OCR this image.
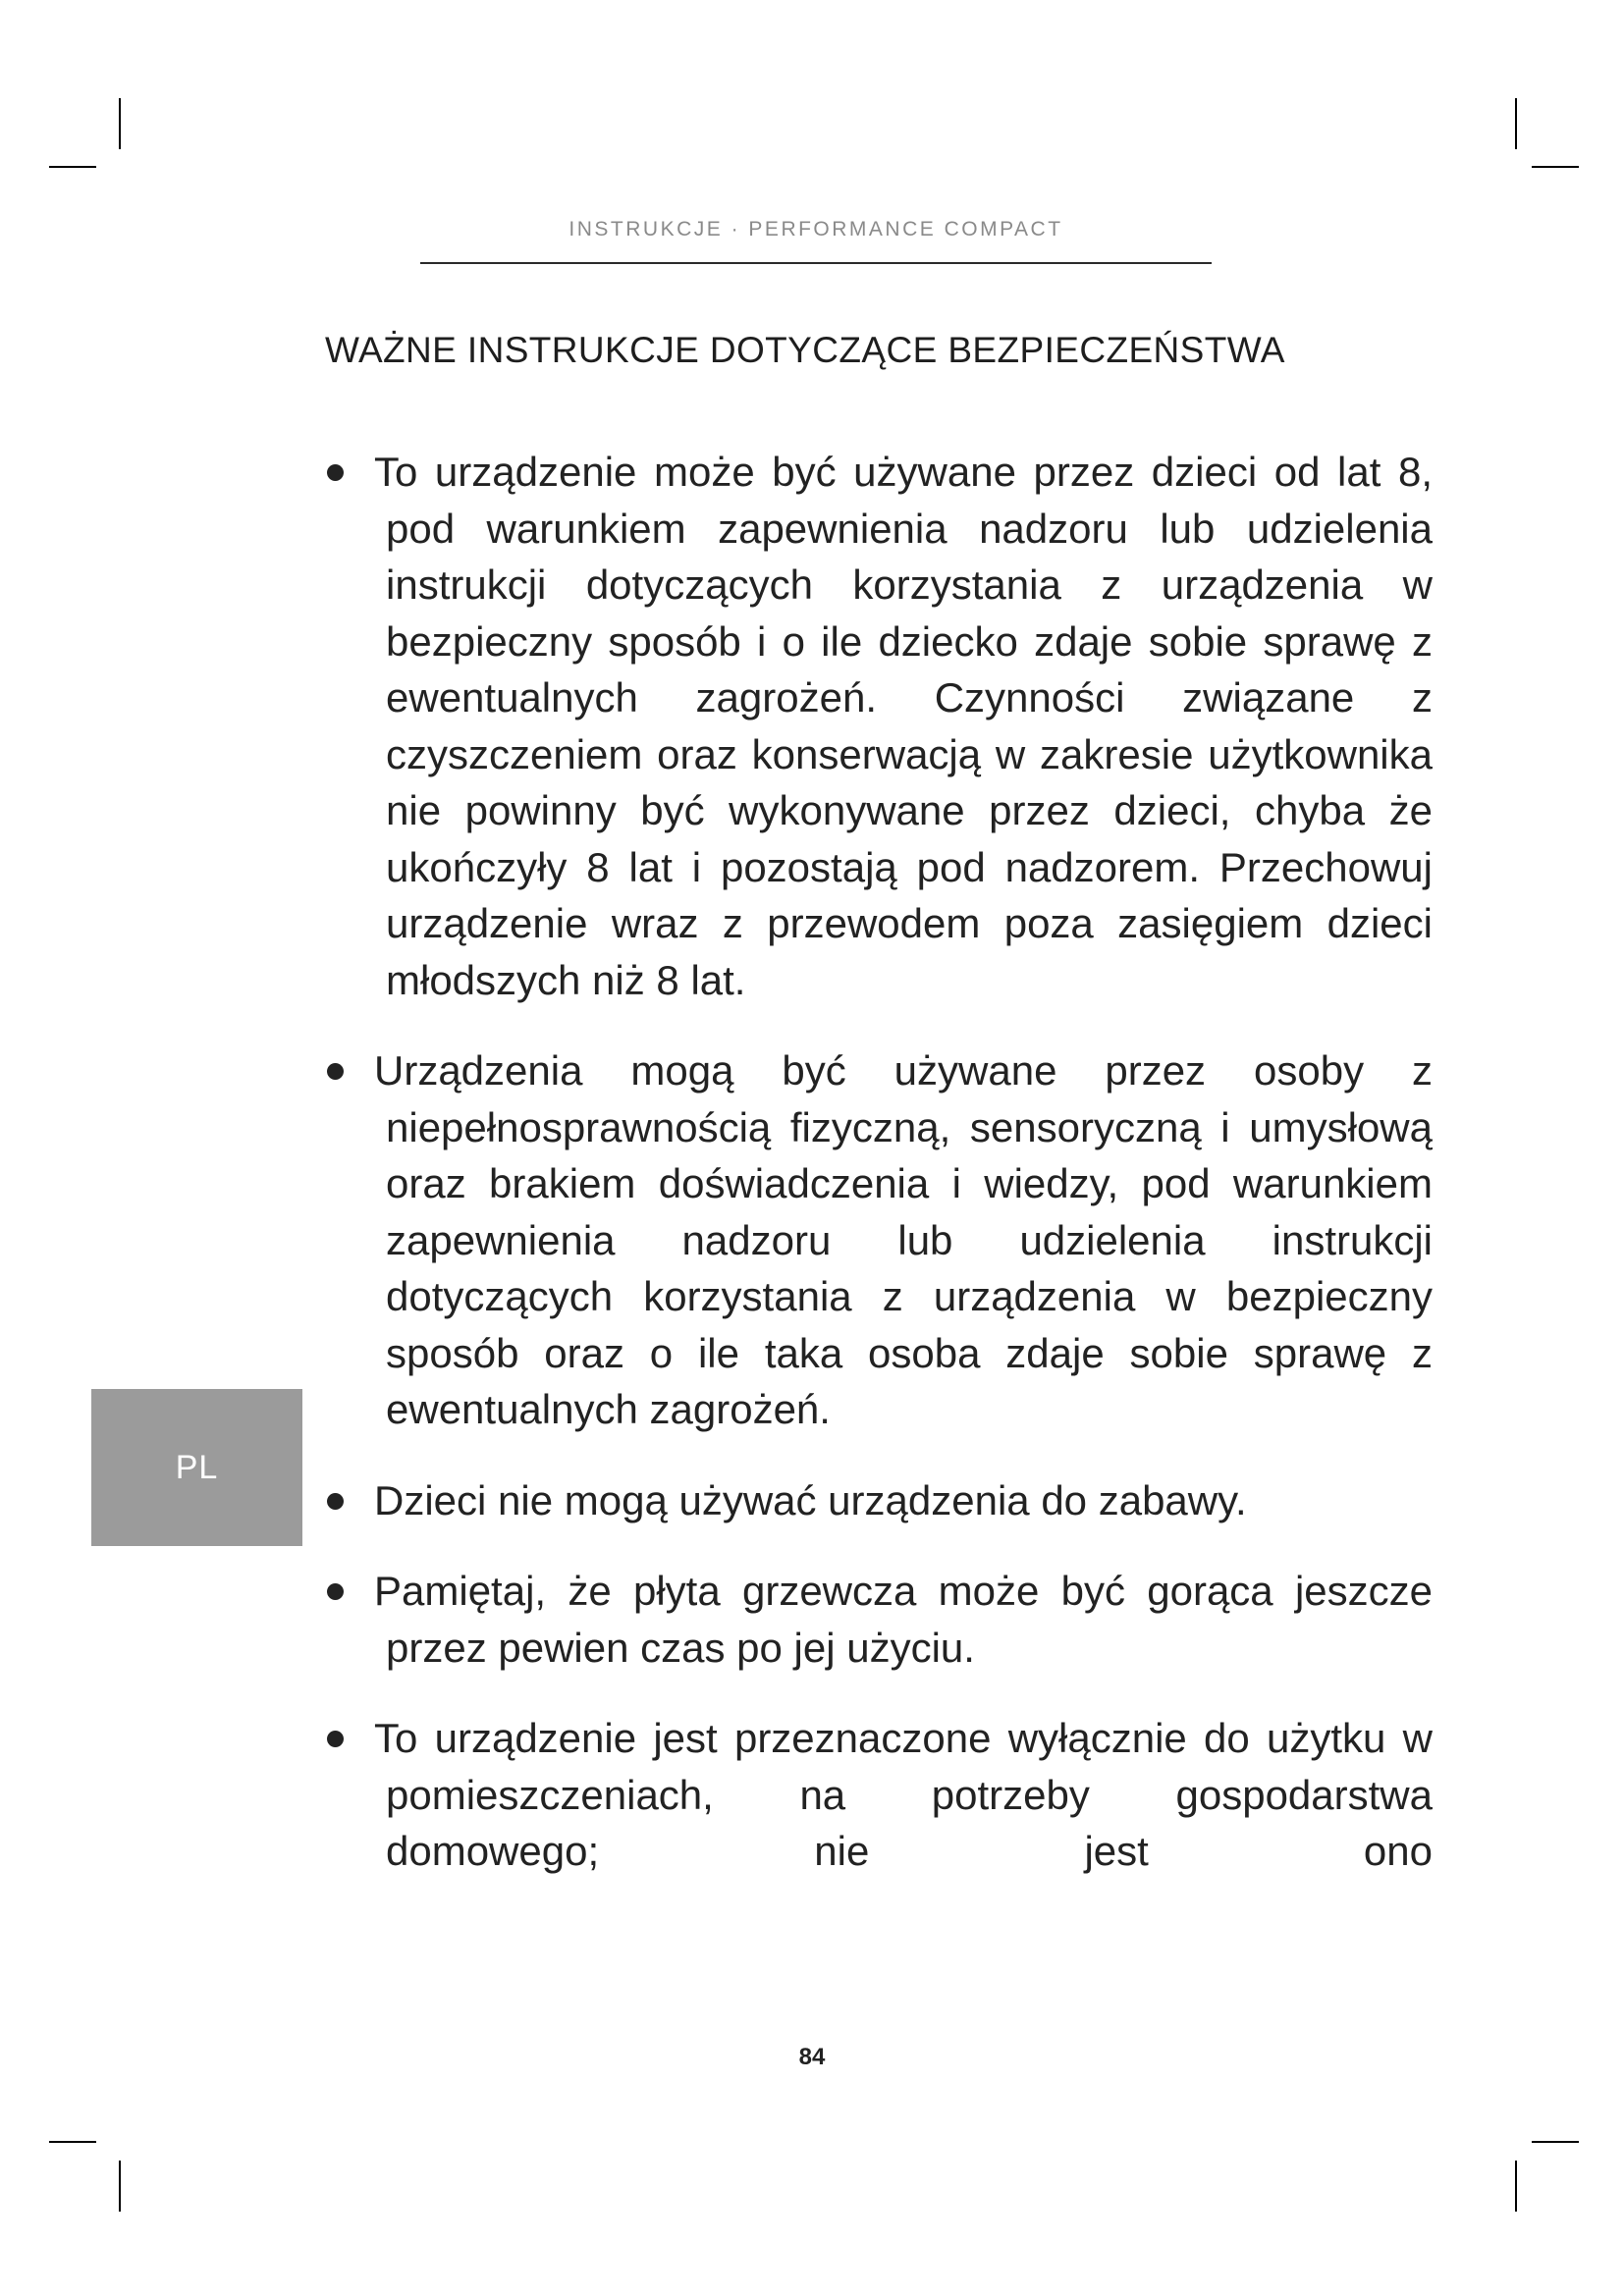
INSTRUKCJE · PERFORMANCE COMPACT
WAŻNE INSTRUKCJE DOTYCZĄCE BEZPIECZEŃSTWA
To urządzenie może być używane przez dzieci od lat 8, pod warunkiem zapewnienia nadzoru lub udzielenia instrukcji dotyczących korzystania z urządzenia w bezpieczny sposób i o ile dziecko zdaje sobie sprawę z ewentualnych zagrożeń. Czynności związane z czyszczeniem oraz konserwacją w zakresie użytkownika nie powinny być wykonywane przez dzieci, chyba że ukończyły 8 lat i pozostają pod nadzorem. Przechowuj urządzenie wraz z przewodem poza zasięgiem dzieci młodszych niż 8 lat.
Urządzenia mogą być używane przez osoby z niepełnosprawnością fizyczną, sensoryczną i umysłową oraz brakiem doświadczenia i wiedzy, pod warunkiem zapewnienia nadzoru lub udzielenia instrukcji dotyczących korzystania z urządzenia w bezpieczny sposób oraz o ile taka osoba zdaje sobie sprawę z ewentualnych zagrożeń.
Dzieci nie mogą używać urządzenia do zabawy.
Pamiętaj, że płyta grzewcza może być gorąca jeszcze przez pewien czas po jej użyciu.
To urządzenie jest przeznaczone wyłącznie do użytku w pomieszczeniach, na potrzeby gospodarstwa domowego; nie jest ono
PL
84
